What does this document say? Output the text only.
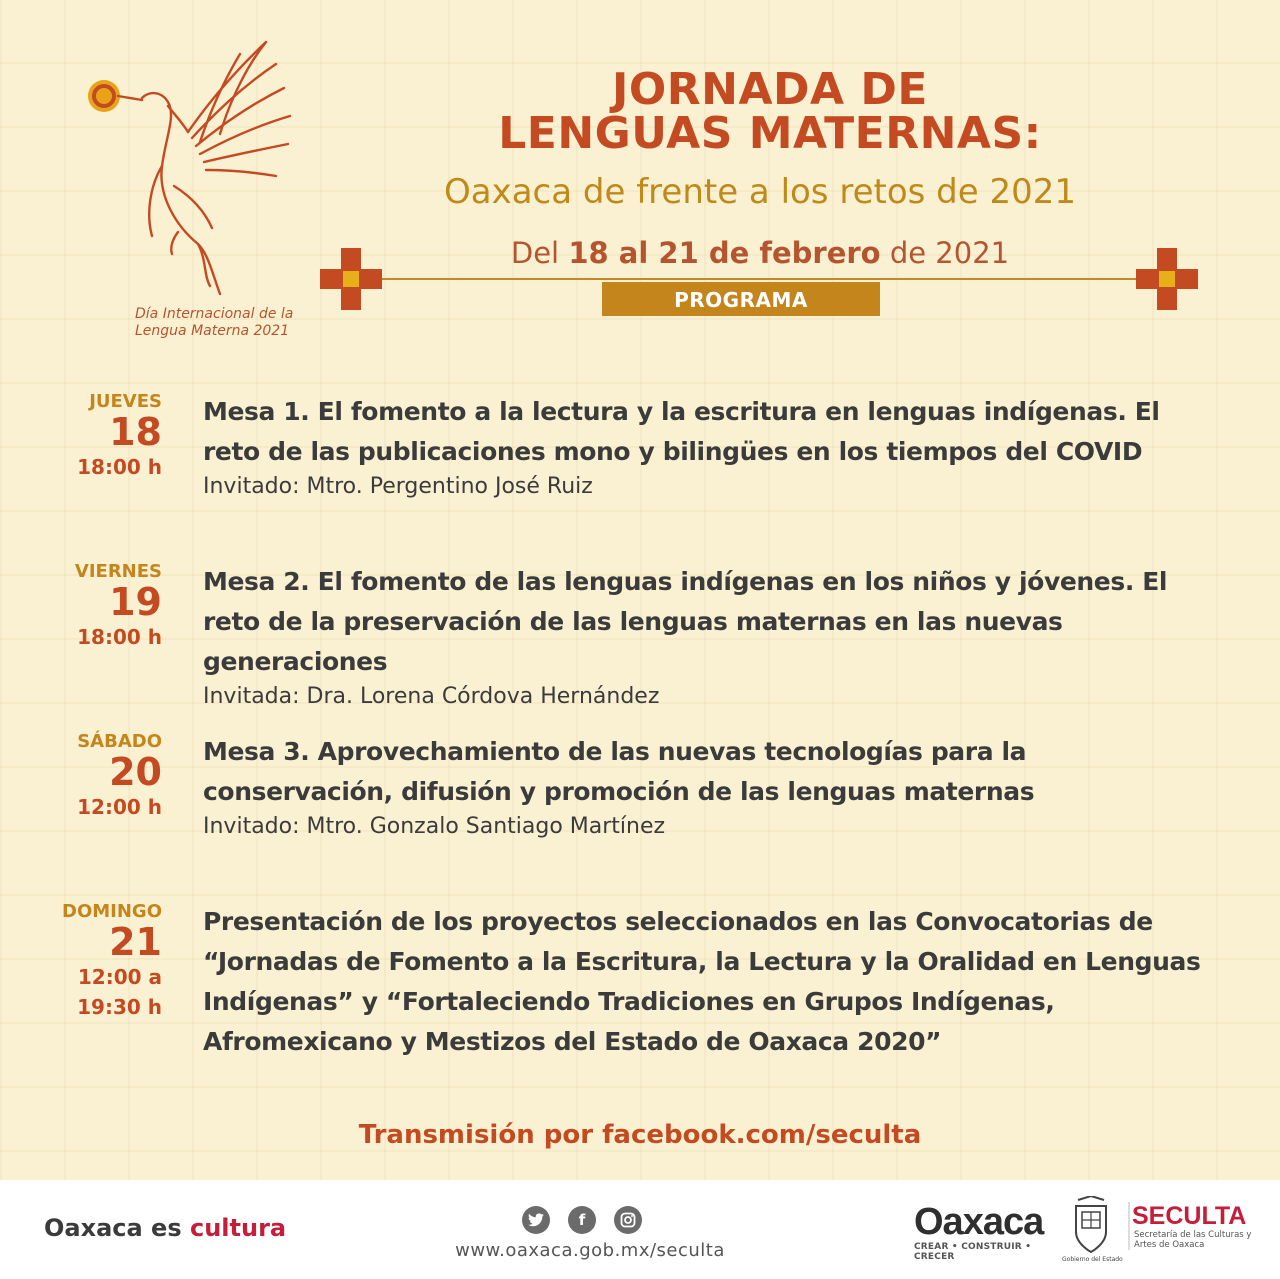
Día Internacional de la
Lengua Materna 2021
JORNADA DE
LENGUAS MATERNAS:
Oaxaca de frente a los retos de 2021
Del 18 al 21 de febrero de 2021
PROGRAMA
JUEVES
18
18:00 h
Mesa 1. El fomento a la lectura y la escritura en lenguas indígenas. El
reto de las publicaciones mono y bilingües en los tiempos del COVID
Invitado: Mtro. Pergentino José Ruiz
VIERNES
19
18:00 h
Mesa 2. El fomento de las lenguas indígenas en los niños y jóvenes. El
reto de la preservación de las lenguas maternas en las nuevas generaciones
Invitada: Dra. Lorena Córdova Hernández
SÁBADO
20
12:00 h
Mesa 3. Aprovechamiento de las nuevas tecnologías para la
conservación, difusión y promoción de las lenguas maternas
Invitado: Mtro. Gonzalo Santiago Martínez
DOMINGO
21
12:00 a
19:30 h
Presentación de los proyectos seleccionados en las Convocatorias de
“Jornadas de Fomento a la Escritura, la Lectura y la Oralidad en Lenguas
Indígenas” y “Fortaleciendo Tradiciones en Grupos Indígenas,
Afromexicano y Mestizos del Estado de Oaxaca 2020”
Transmisión por facebook.com/seculta
Oaxaca es cultura	f
www.oaxaca.gob.mx/seculta
Oaxaca
CREAR • CONSTRUIR • CRECER	Gobierno del Estado
SECULTA
Secretaría de las Culturas y Artes de Oaxaca
